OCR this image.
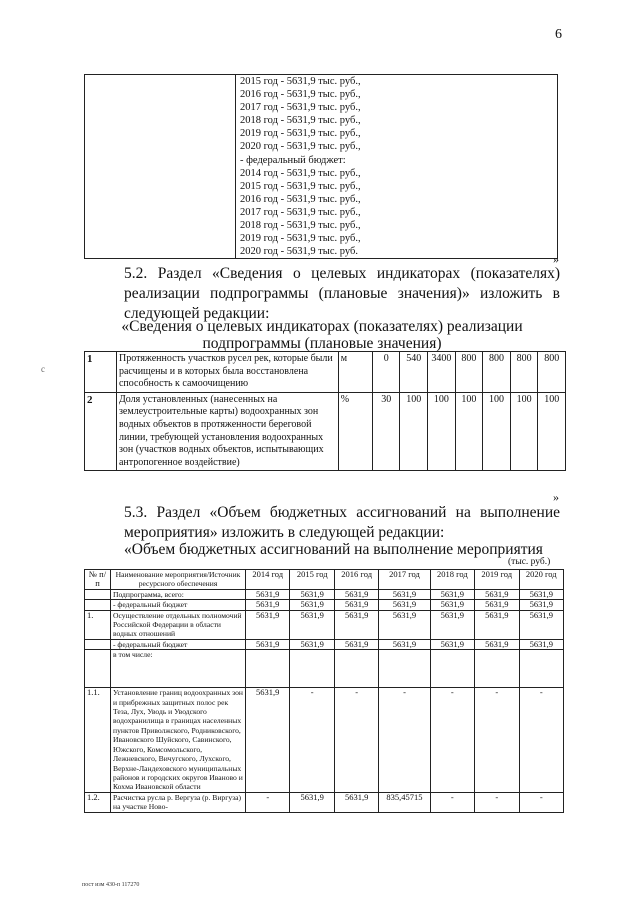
6

2015 год - 5631,9 тыс. руб.,
2016 год - 5631,9 тыс. руб.,
2017 год - 5631,9 тыс. руб.,
2018 год - 5631,9 тыс. руб.,
2019 год - 5631,9 тыс. руб.,
2020 год - 5631,9 тыс. руб.,
- федеральный бюджет:
2014 год - 5631,9 тыс. руб.,
2015 год - 5631,9 тыс. руб.,
2016 год - 5631,9 тыс. руб.,
2017 год - 5631,9 тыс. руб.,
2018 год - 5631,9 тыс. руб.,
2019 год - 5631,9 тыс. руб.,
2020 год - 5631,9 тыс. руб.
»
5.2. Раздел «Сведения о целевых индикаторах (показателях) реализации подпрограммы (плановые значения)» изложить в следующей редакции:
«Сведения о целевых индикаторах (показателях) реализации
подпрограммы (плановые значения)
1	Протяженность участков русел рек, которые были расчищены и в которых была восстановлена способность к самоочищению	м	0	540	3400	800	800	800	800
2	Доля установленных (нанесенных на землеустроительные карты) водоохранных зон водных объектов в протяженности береговой линии, требующей установления водоохранных зон (участков водных объектов, испытывающих антропогенное воздействие)	%	30	100	100	100	100	100	100
»
5.3. Раздел «Объем бюджетных ассигнований на выполнение мероприятия» изложить в следующей редакции:
«Объем бюджетных ассигнований на выполнение мероприятия
(тыс. руб.)
№ п/п	Наименование мероприятия/Источник ресурсного обеспечения	2014 год	2015 год	2016 год	2017 год	2018 год	2019 год	2020 год
	Подпрограмма, всего:	5631,9	5631,9	5631,9	5631,9	5631,9	5631,9	5631,9
	- федеральный бюджет	5631,9	5631,9	5631,9	5631,9	5631,9	5631,9	5631,9
1.	Осуществление отдельных полномочий Российской Федерации в области водных отношений	5631,9	5631,9	5631,9	5631,9	5631,9	5631,9	5631,9
	- федеральный бюджет	5631,9	5631,9	5631,9	5631,9	5631,9	5631,9	5631,9
	в том числе:							
1.1.	Установление границ водоохранных зон и прибрежных защитных полос рек Теза, Лух, Уводь и Уводского водохранилища в границах населенных пунктов Приволжского, Родниковского, Ивановского Шуйского, Савинского, Южского, Комсомольского, Лежневского, Вичугского, Лухского, Верхне-Ландеховского муниципальных районов и городских округов Иваново и Кохма Ивановской области	5631,9	-	-	-	-	-	-
1.2.	Расчистка русла р. Вергуза (р. Виргуза) на участке Ново-	-	5631,9	5631,9	835,45715	-	-	-
c
пост изм 430-п 117270
